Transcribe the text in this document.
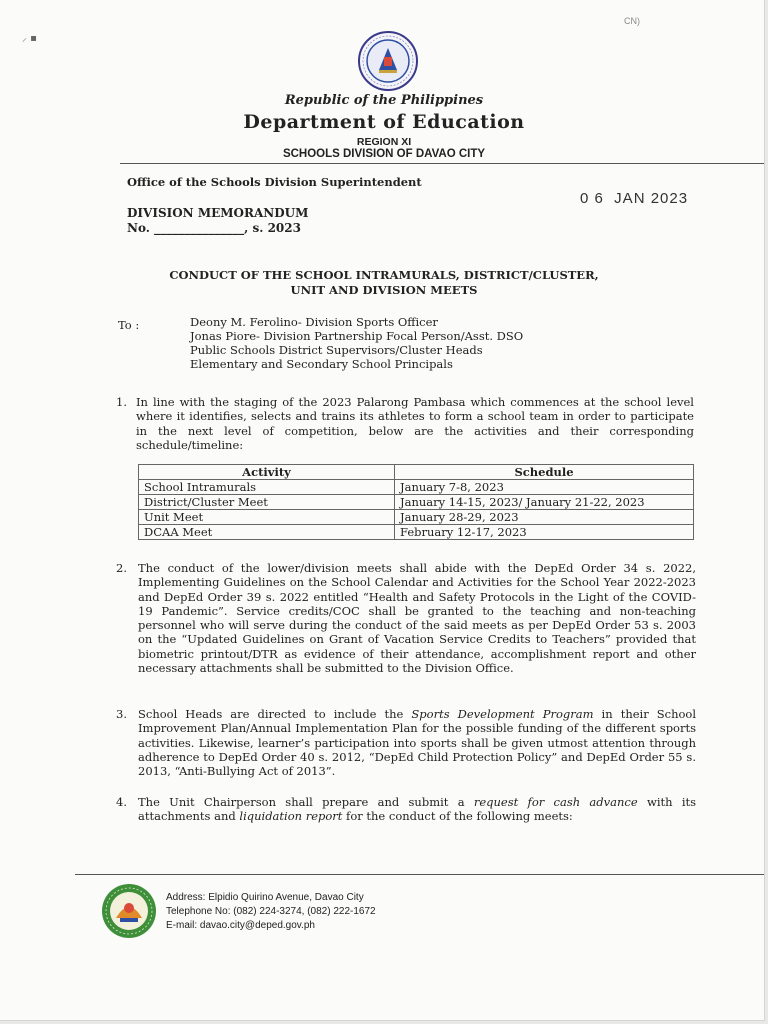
CN)
⸝ ▪
Republic of the Philippines
Department of Education
REGION XI
SCHOOLS DIVISION OF DAVAO CITY
Office of the Schools Division Superintendent
0 6  JAN 2023
DIVISION MEMORANDUM
No. _______________, s. 2023
CONDUCT OF THE SCHOOL INTRAMURALS, DISTRICT/CLUSTER,
UNIT AND DIVISION MEETS
To :	Deony M. Ferolino- Division Sports Officer
Jonas Piore- Division Partnership Focal Person/Asst. DSO
Public Schools District Supervisors/Cluster Heads
Elementary and Secondary School Principals
1. In line with the staging of the 2023 Palarong Pambasa which commences at the school level where it identifies, selects and trains its athletes to form a school team in order to participate in the next level of competition, below are the activities and their corresponding schedule/timeline:
Activity	Schedule
School Intramurals	January 7-8, 2023
District/Cluster Meet	January 14-15, 2023/ January 21-22, 2023
Unit Meet	January 28-29, 2023
DCAA Meet	February 12-17, 2023
2. The conduct of the lower/division meets shall abide with the DepEd Order 34 s. 2022, Implementing Guidelines on the School Calendar and Activities for the School Year 2022-2023 and DepEd Order 39 s. 2022 entitled “Health and Safety Protocols in the Light of the COVID-19 Pandemic”. Service credits/COC shall be granted to the teaching and non-teaching personnel who will serve during the conduct of the said meets as per DepEd Order 53 s. 2003 on the “Updated Guidelines on Grant of Vacation Service Credits to Teachers” provided that biometric printout/DTR as evidence of their attendance, accomplishment report and other necessary attachments shall be submitted to the Division Office.
3. School Heads are directed to include the Sports Development Program in their School Improvement Plan/Annual Implementation Plan for the possible funding of the different sports activities. Likewise, learner’s participation into sports shall be given utmost attention through adherence to DepEd Order 40 s. 2012, “DepEd Child Protection Policy” and DepEd Order 55 s. 2013, “Anti-Bullying Act of 2013”.
4. The Unit Chairperson shall prepare and submit a request for cash advance with its attachments and liquidation report for the conduct of the following meets:
Address: Elpidio Quirino Avenue, Davao City
Telephone No: (082) 224-3274, (082) 222-1672
E-mail: davao.city@deped.gov.ph
